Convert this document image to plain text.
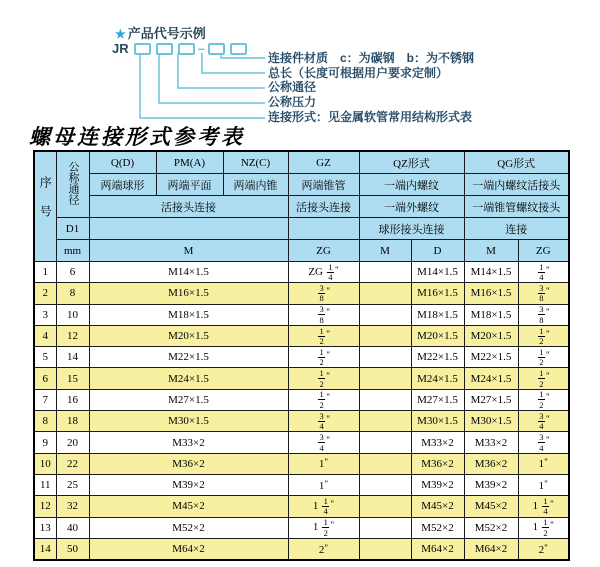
★ 产品代号示例
JR	–
连接件材质　c：为碳钢　b：为不锈钢
总长（长度可根据用户要求定制）
公称通径
公称压力
连接形式：见金属软管常用结构形式表
螺母连接形式参考表
序号	公称通径	Q(D)	PM(A)	NZ(C)	GZ	QZ形式		QG形式	
		两端球形	两端平面	两端内锥	两端锥管	一端内螺纹		一端内螺纹活接头	
		活接头连接			活接头连接	一端外螺纹		一端锥管螺纹接头	
	D1					球形接头连接		连接	
	mm	M			ZG	M	D	M	ZG
1	6	M14×1.5			ZG $\frac{1}{4}$ "		M14×1.5	M14×1.5	$\frac{1}{4}$ "
2	8	M16×1.5			$\frac{3}{8}$ "		M16×1.5	M16×1.5	$\frac{3}{8}$ "
3	10	M18×1.5			$\frac{3}{8}$ "		M18×1.5	M18×1.5	$\frac{3}{8}$ "
4	12	M20×1.5			$\frac{1}{2}$ "		M20×1.5	M20×1.5	$\frac{1}{2}$ "
5	14	M22×1.5			$\frac{1}{2}$ "		M22×1.5	M22×1.5	$\frac{1}{2}$ "
6	15	M24×1.5			$\frac{1}{2}$ "		M24×1.5	M24×1.5	$\frac{1}{2}$ "
7	16	M27×1.5			$\frac{1}{2}$ "		M27×1.5	M27×1.5	$\frac{1}{2}$ "
8	18	M30×1.5			$\frac{3}{4}$ "		M30×1.5	M30×1.5	$\frac{3}{4}$ "
9	20	M33×2			$\frac{3}{4}$ "		M33×2	M33×2	$\frac{3}{4}$ "
10	22	M36×2			1"		M36×2	M36×2	1"
11	25	M39×2			1"		M39×2	M39×2	1"
12	32	M45×2			$1 \frac{1}{4}$ "		M45×2	M45×2	$1 \frac{1}{4}$ "
13	40	M52×2			$1 \frac{1}{2}$ "		M52×2	M52×2	$1 \frac{1}{2}$ "
14	50	M64×2			2"		M64×2	M64×2	2"
